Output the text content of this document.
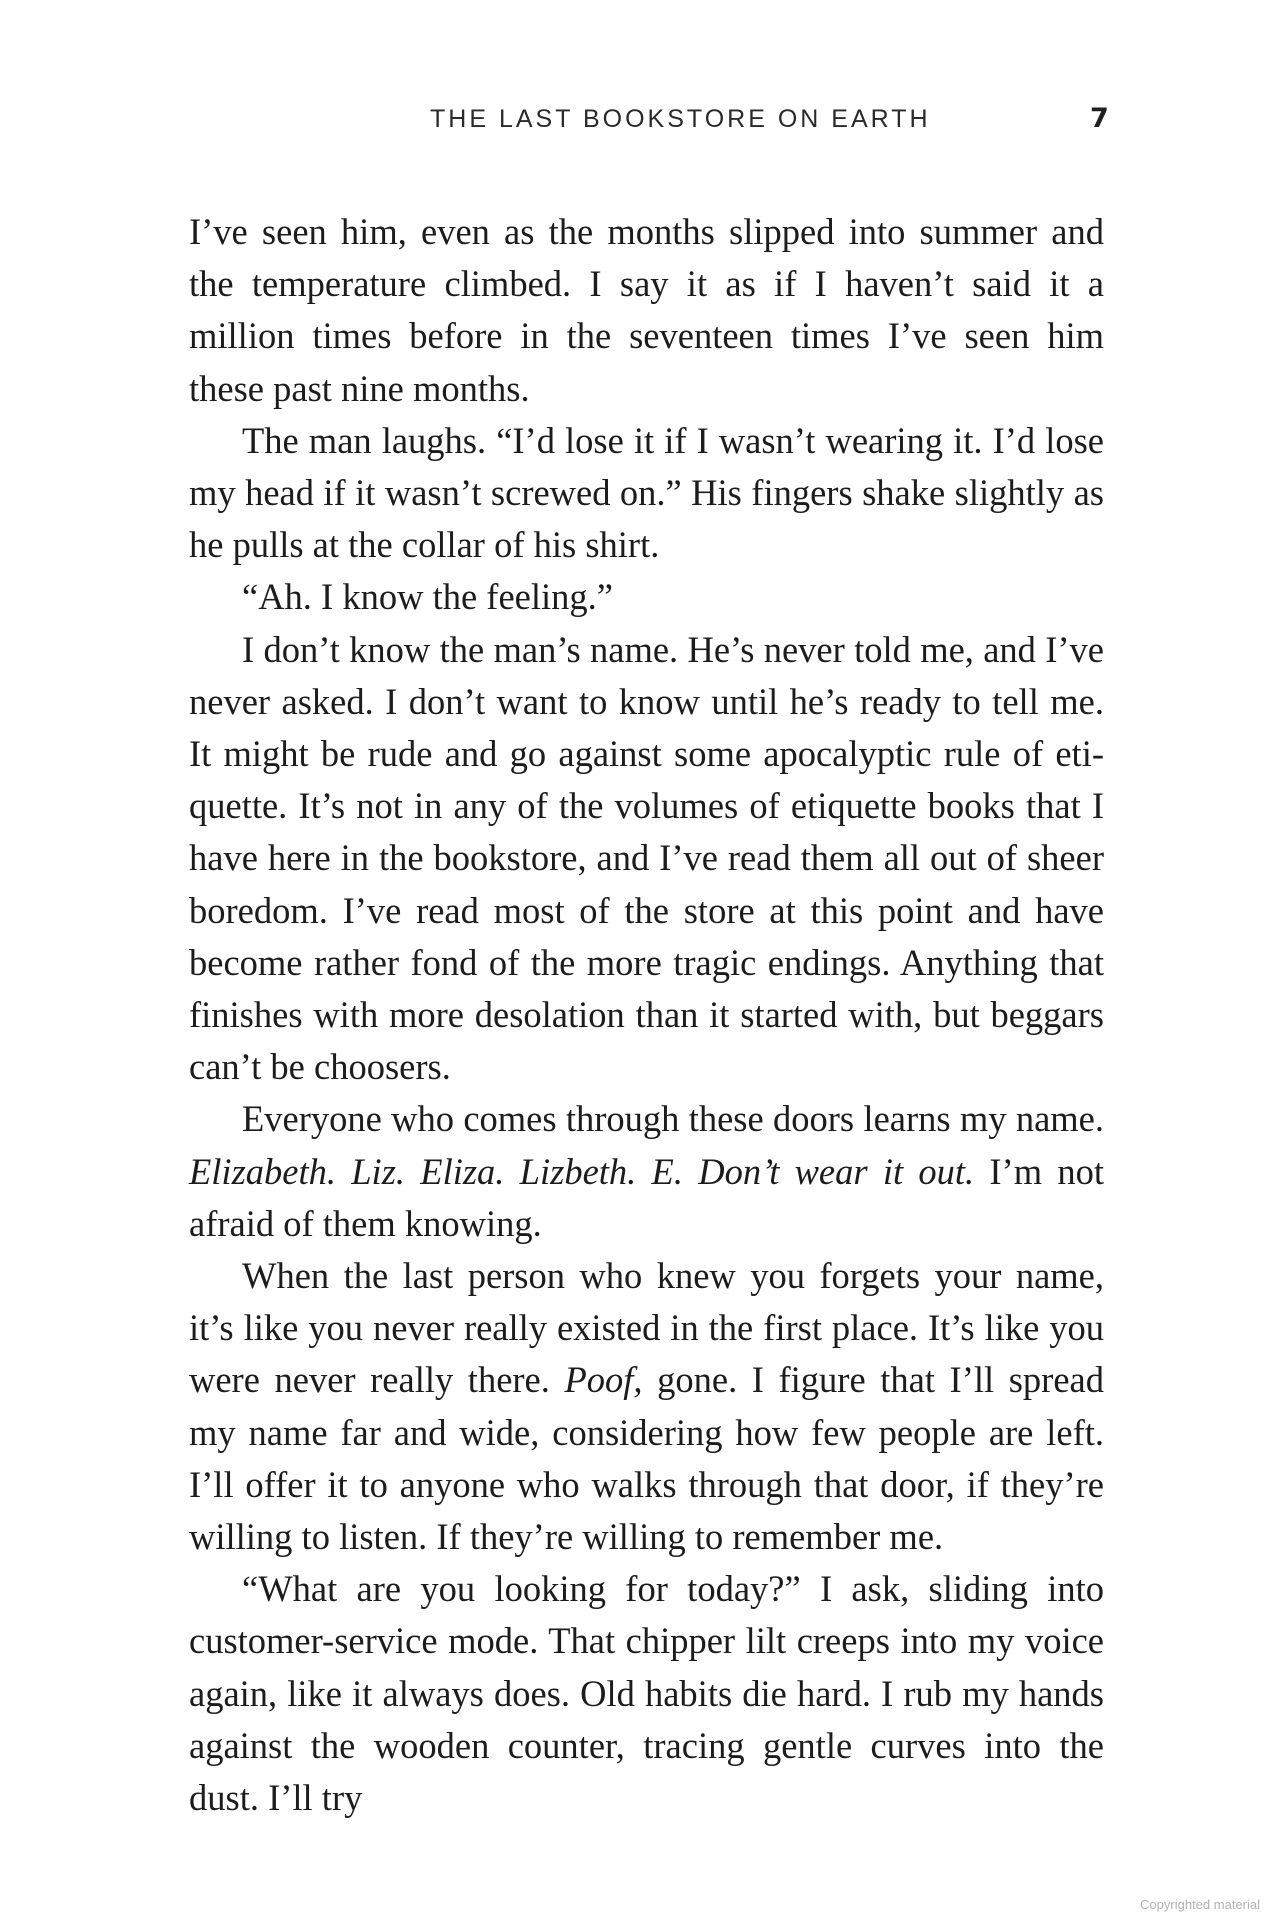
THE LAST BOOKSTORE ON EARTH	7

I’ve seen him, even as the months slipped into summer and the temperature climbed. I say it as if I haven’t said it a million times before in the seventeen times I’ve seen him these past nine months.

The man laughs. “I’d lose it if I wasn’t wearing it. I’d lose my head if it wasn’t screwed on.” His fingers shake slightly as he pulls at the collar of his shirt.

“Ah. I know the feeling.”

I don’t know the man’s name. He’s never told me, and I’ve never asked. I don’t want to know until he’s ready to tell me. It might be rude and go against some apocalyptic rule of etiquette. It’s not in any of the volumes of etiquette books that I have here in the bookstore, and I’ve read them all out of sheer boredom. I’ve read most of the store at this point and have become rather fond of the more tragic endings. Anything that finishes with more desolation than it started with, but beggars can’t be choosers.

Everyone who comes through these doors learns my name. Elizabeth. Liz. Eliza. Lizbeth. E. Don’t wear it out. I’m not afraid of them knowing.

When the last person who knew you forgets your name, it’s like you never really existed in the first place. It’s like you were never really there. Poof, gone. I figure that I’ll spread my name far and wide, considering how few people are left. I’ll offer it to anyone who walks through that door, if they’re willing to listen. If they’re willing to remember me.

“What are you looking for today?” I ask, sliding into customer-service mode. That chipper lilt creeps into my voice again, like it always does. Old habits die hard. I rub my hands against the wooden counter, tracing gentle curves into the dust. I’ll try

Copyrighted material
